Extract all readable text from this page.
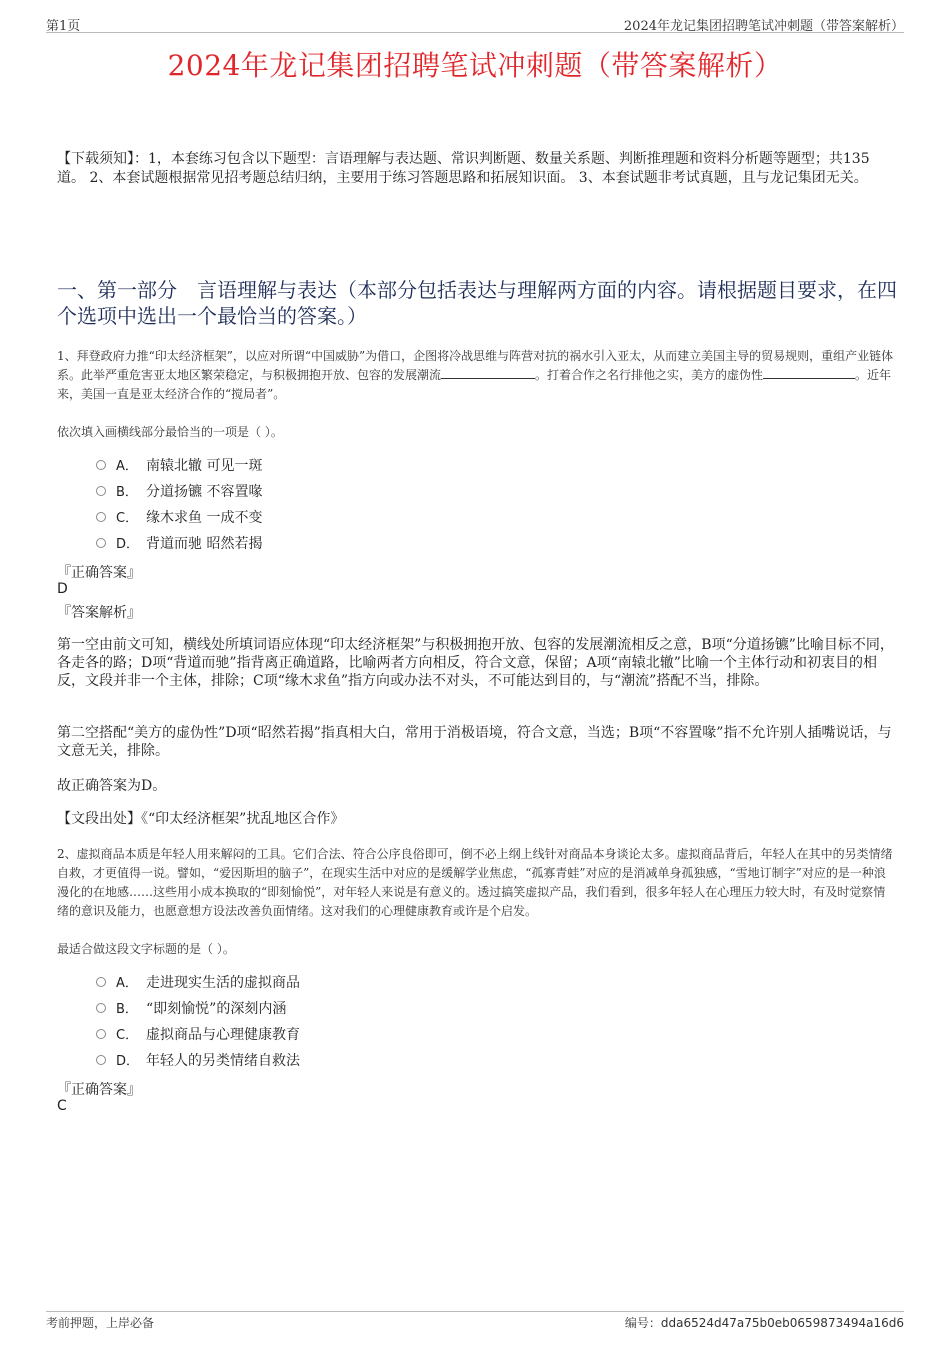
第1页	2024年龙记集团招聘笔试冲刺题（带答案解析）
2024年龙记集团招聘笔试冲刺题（带答案解析）
【下载须知】：1，本套练习包含以下题型：言语理解与表达题、常识判断题、数量关系题、判断推理题和资料分析题等题型；共135道。 2、本套试题根据常见招考题总结归纳，主要用于练习答题思路和拓展知识面。 3、本套试题非考试真题，且与龙记集团无关。
一、第一部分　言语理解与表达（本部分包括表达与理解两方面的内容。请根据题目要求，在四个选项中选出一个最恰当的答案。）
1、拜登政府力推“印太经济框架”，以应对所谓“中国威胁”为借口，企图将冷战思维与阵营对抗的祸水引入亚太，从而建立美国主导的贸易规则，重组产业链体系。此举严重危害亚太地区繁荣稳定，与积极拥抱开放、包容的发展潮流	。打着合作之名行排他之实，美方的虚伪性	。近年来，美国一直是亚太经济合作的“搅局者”。
依次填入画横线部分最恰当的一项是（ ）。
A． 南辕北辙 可见一斑
B． 分道扬镳 不容置喙
C． 缘木求鱼 一成不变
D． 背道而驰 昭然若揭
『正确答案』
D
『答案解析』
第一空由前文可知，横线处所填词语应体现“印太经济框架”与积极拥抱开放、包容的发展潮流相反之意，B项“分道扬镳”比喻目标不同，各走各的路；D项“背道而驰”指背离正确道路，比喻两者方向相反，符合文意，保留；A项“南辕北辙”比喻一个主体行动和初衷目的相反，文段并非一个主体，排除；C项“缘木求鱼”指方向或办法不对头，不可能达到目的，与“潮流”搭配不当，排除。
第二空搭配“美方的虚伪性”D项“昭然若揭”指真相大白，常用于消极语境，符合文意，当选；B项“不容置喙”指不允许别人插嘴说话，与文意无关，排除。
故正确答案为D。
【文段出处】《“印太经济框架”扰乱地区合作》
2、虚拟商品本质是年轻人用来解闷的工具。它们合法、符合公序良俗即可，倒不必上纲上线针对商品本身谈论太多。虚拟商品背后，年轻人在其中的另类情绪自救，才更值得一说。譬如，“爱因斯坦的脑子”，在现实生活中对应的是缓解学业焦虑，“孤寡青蛙”对应的是消减单身孤独感，“雪地订制字”对应的是一种浪漫化的在地感……这些用小成本换取的“即刻愉悦”，对年轻人来说是有意义的。透过搞笑虚拟产品，我们看到，很多年轻人在心理压力较大时，有及时觉察情绪的意识及能力，也愿意想方设法改善负面情绪。这对我们的心理健康教育或许是个启发。
最适合做这段文字标题的是（ ）。
A． 走进现实生活的虚拟商品
B． “即刻愉悦”的深刻内涵
C． 虚拟商品与心理健康教育
D． 年轻人的另类情绪自救法
『正确答案』
C
考前押题，上岸必备	编号：dda6524d47a75b0eb0659873494a16d6
